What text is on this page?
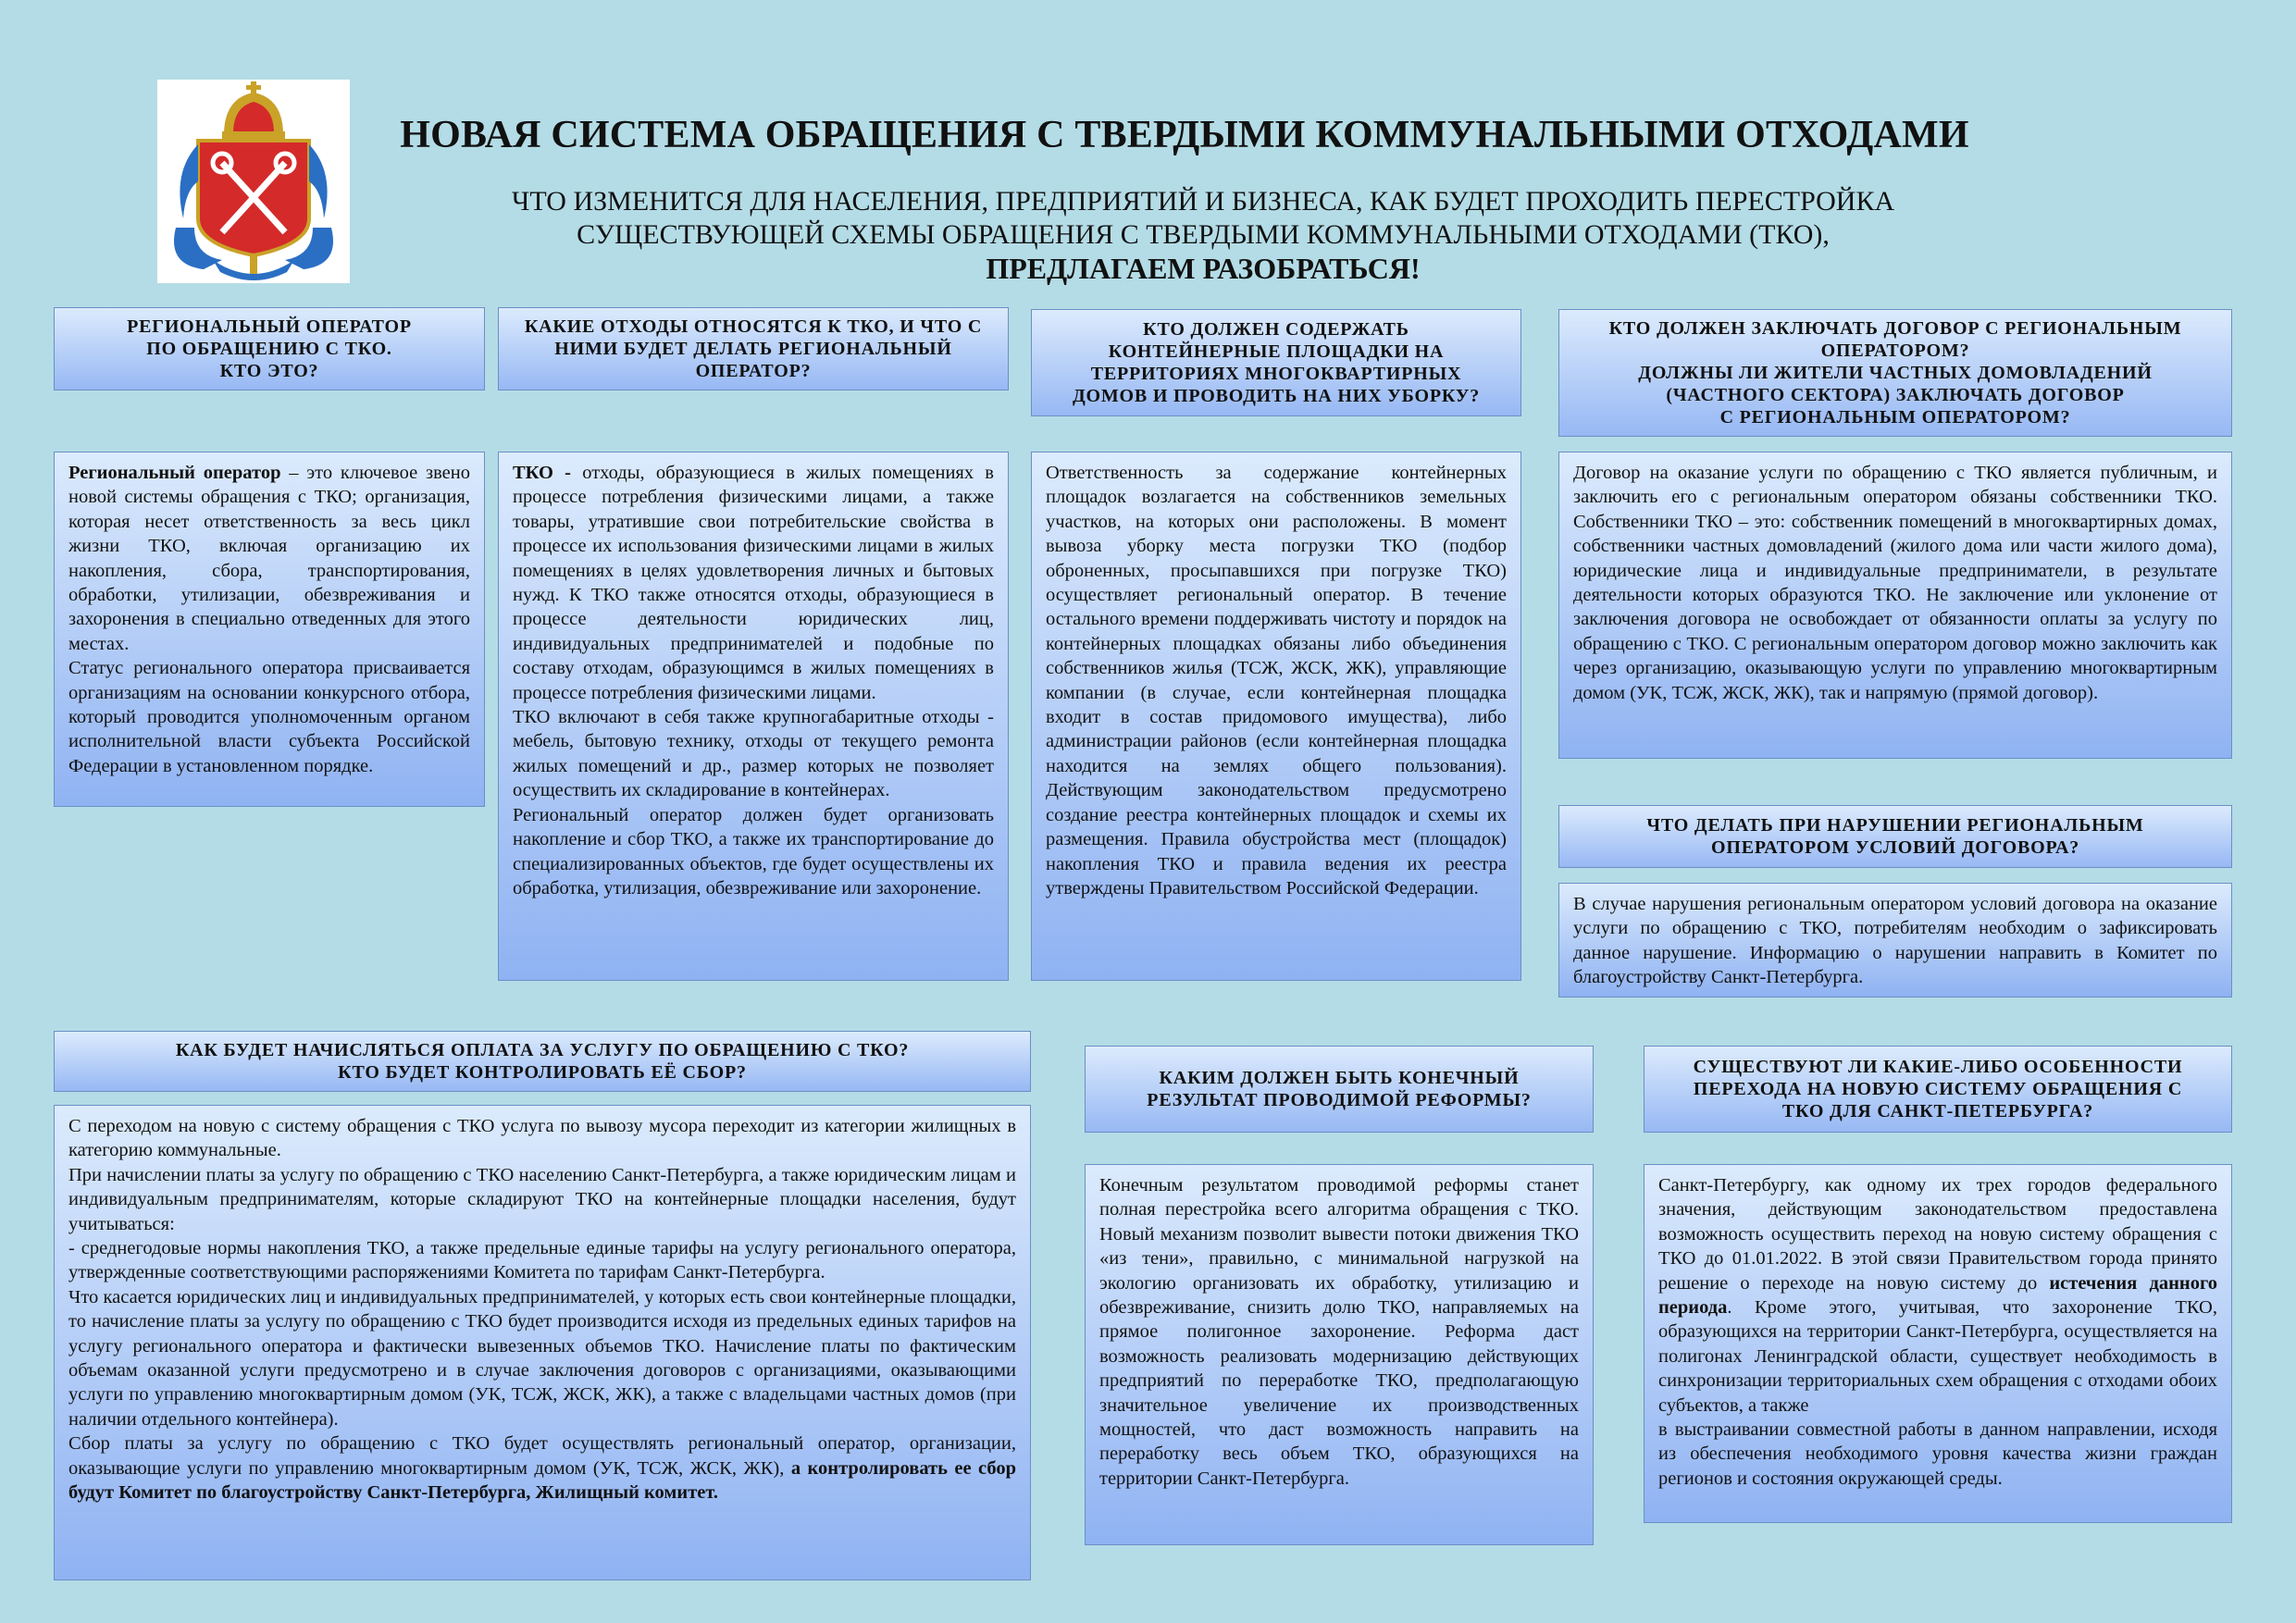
НОВАЯ СИСТЕМА ОБРАЩЕНИЯ С ТВЕРДЫМИ КОММУНАЛЬНЫМИ ОТХОДАМИ
ЧТО ИЗМЕНИТСЯ ДЛЯ НАСЕЛЕНИЯ, ПРЕДПРИЯТИЙ И БИЗНЕСА, КАК БУДЕТ ПРОХОДИТЬ ПЕРЕСТРОЙКА
СУЩЕСТВУЮЩЕЙ СХЕМЫ ОБРАЩЕНИЯ С ТВЕРДЫМИ КОММУНАЛЬНЫМИ ОТХОДАМИ (ТКО),
ПРЕДЛАГАЕМ РАЗОБРАТЬСЯ!
РЕГИОНАЛЬНЫЙ ОПЕРАТОР
ПО ОБРАЩЕНИЮ С ТКО.
КТО ЭТО?

Региональный оператор – это ключевое звено новой системы обращения с ТКО; организация, которая несет ответственность за весь цикл жизни ТКО, включая организацию их накопления, сбора, транспортирования, обработки, утилизации, обезвреживания и захоронения в специально отведенных для этого местах.

Статус регионального оператора присваивается организациям на основании конкурсного отбора, который проводится уполномоченным органом исполнительной власти субъекта Российской Федерации в установленном порядке.

КАКИЕ ОТХОДЫ ОТНОСЯТСЯ К ТКО, И ЧТО С
НИМИ БУДЕТ ДЕЛАТЬ РЕГИОНАЛЬНЫЙ
ОПЕРАТОР?

ТКО - отходы, образующиеся в жилых помещениях в процессе потребления физическими лицами, а также товары, утратившие свои потребительские свойства в процессе их использования физическими лицами в жилых помещениях в целях удовлетворения личных и бытовых нужд. К ТКО также относятся отходы, образующиеся в процессе деятельности юридических лиц, индивидуальных предпринимателей и подобные по составу отходам, образующимся в жилых помещениях в процессе потребления физическими лицами.

ТКО включают в себя также крупногабаритные отходы - мебель, бытовую технику, отходы от текущего ремонта жилых помещений и др., размер которых не позволяет осуществить их складирование в контейнерах.

Региональный оператор должен будет организовать накопление и сбор ТКО, а также их транспортирование до специализированных объектов, где будет осуществлены их обработка, утилизация, обезвреживание или захоронение.

КТО ДОЛЖЕН СОДЕРЖАТЬ
КОНТЕЙНЕРНЫЕ ПЛОЩАДКИ НА
ТЕРРИТОРИЯХ МНОГОКВАРТИРНЫХ
ДОМОВ И ПРОВОДИТЬ НА НИХ УБОРКУ?

Ответственность за содержание контейнерных площадок возлагается на собственников земельных участков, на которых они расположены. В момент вывоза уборку места погрузки ТКО (подбор оброненных, просыпавшихся при погрузке ТКО) осуществляет региональный оператор. В течение остального времени поддерживать чистоту и порядок на контейнерных площадках обязаны либо объединения собственников жилья (ТСЖ, ЖСК, ЖК), управляющие компании (в случае, если контейнерная площадка входит в состав придомового имущества), либо администрации районов (если контейнерная площадка находится на землях общего пользования). Действующим законодательством предусмотрено создание реестра контейнерных площадок и схемы их размещения. Правила обустройства мест (площадок) накопления ТКО и правила ведения их реестра утверждены Правительством Российской Федерации.

КТО ДОЛЖЕН ЗАКЛЮЧАТЬ ДОГОВОР С РЕГИОНАЛЬНЫМ
ОПЕРАТОРОМ?
ДОЛЖНЫ ЛИ ЖИТЕЛИ ЧАСТНЫХ ДОМОВЛАДЕНИЙ
(ЧАСТНОГО СЕКТОРА) ЗАКЛЮЧАТЬ ДОГОВОР
С РЕГИОНАЛЬНЫМ ОПЕРАТОРОМ?

Договор на оказание услуги по обращению с ТКО является публичным, и заключить его с региональным оператором обязаны собственники ТКО. Собственники ТКО – это: собственник помещений в многоквартирных домах, собственники частных домовладений (жилого дома или части жилого дома), юридические лица и индивидуальные предприниматели, в результате деятельности которых образуются ТКО. Не заключение или уклонение от заключения договора не освобождает от обязанности оплаты за услугу по обращению с ТКО. С региональным оператором договор можно заключить как через организацию, оказывающую услуги по управлению многоквартирным домом (УК, ТСЖ, ЖСК, ЖК), так и напрямую (прямой договор).

ЧТО ДЕЛАТЬ ПРИ НАРУШЕНИИ РЕГИОНАЛЬНЫМ
ОПЕРАТОРОМ УСЛОВИЙ ДОГОВОРА?

В случае нарушения региональным оператором условий договора на оказание услуги по обращению с ТКО, потребителям необходим о зафиксировать данное нарушение. Информацию о нарушении направить в Комитет по благоустройству Санкт-Петербурга.

КАК БУДЕТ НАЧИСЛЯТЬСЯ ОПЛАТА ЗА УСЛУГУ ПО ОБРАЩЕНИЮ С ТКО?
КТО БУДЕТ КОНТРОЛИРОВАТЬ ЕЁ СБОР?

С переходом на новую с систему обращения с ТКО услуга по вывозу мусора переходит из категории жилищных в категорию коммунальные.

При начислении платы за услугу по обращению с ТКО населению Санкт-Петербурга, а также юридическим лицам и индивидуальным предпринимателям, которые складируют ТКО на контейнерные площадки населения, будут учитываться:

- среднегодовые нормы накопления ТКО, а также предельные единые тарифы на услугу регионального оператора, утвержденные соответствующими распоряжениями Комитета по тарифам Санкт-Петербурга.

Что касается юридических лиц и индивидуальных предпринимателей, у которых есть свои контейнерные площадки, то начисление платы за услугу по обращению с ТКО будет производится исходя из предельных единых тарифов на услугу регионального оператора и фактически вывезенных объемов ТКО. Начисление платы по фактическим объемам оказанной услуги предусмотрено и в случае заключения договоров с организациями, оказывающими услуги по управлению многоквартирным домом (УК, ТСЖ, ЖСК, ЖК), а также с владельцами частных домов (при наличии отдельного контейнера).

Сбор платы за услугу по обращению с ТКО будет осуществлять региональный оператор, организации, оказывающие услуги по управлению многоквартирным домом (УК, ТСЖ, ЖСК, ЖК), а контролировать ее сбор будут Комитет по благоустройству Санкт-Петербурга, Жилищный комитет.

КАКИМ ДОЛЖЕН БЫТЬ КОНЕЧНЫЙ
РЕЗУЛЬТАТ ПРОВОДИМОЙ РЕФОРМЫ?

Конечным результатом проводимой реформы станет полная перестройка всего алгоритма обращения с ТКО. Новый механизм позволит вывести потоки движения ТКО «из тени», правильно, с минимальной нагрузкой на экологию организовать их обработку, утилизацию и обезвреживание, снизить долю ТКО, направляемых на прямое полигонное захоронение. Реформа даст возможность реализовать модернизацию действующих предприятий по переработке ТКО, предполагающую значительное увеличение их производственных мощностей, что даст возможность направить на переработку весь объем ТКО, образующихся на территории Санкт-Петербурга.

СУЩЕСТВУЮТ ЛИ КАКИЕ-ЛИБО ОСОБЕННОСТИ
ПЕРЕХОДА НА НОВУЮ СИСТЕМУ ОБРАЩЕНИЯ С
ТКО ДЛЯ САНКТ-ПЕТЕРБУРГА?

Санкт-Петербургу, как одному их трех городов федерального значения, действующим законодательством предоставлена возможность осуществить переход на новую систему обращения с ТКО до 01.01.2022. В этой связи Правительством города принято решение о переходе на новую систему до истечения данного периода. Кроме этого, учитывая, что захоронение ТКО, образующихся на территории Санкт-Петербурга, осуществляется на полигонах Ленинградской области, существует необходимость в синхронизации территориальных схем обращения с отходами обоих субъектов, а также

в выстраивании совместной работы в данном направлении, исходя из обеспечения необходимого уровня качества жизни граждан регионов и состояния окружающей среды.
